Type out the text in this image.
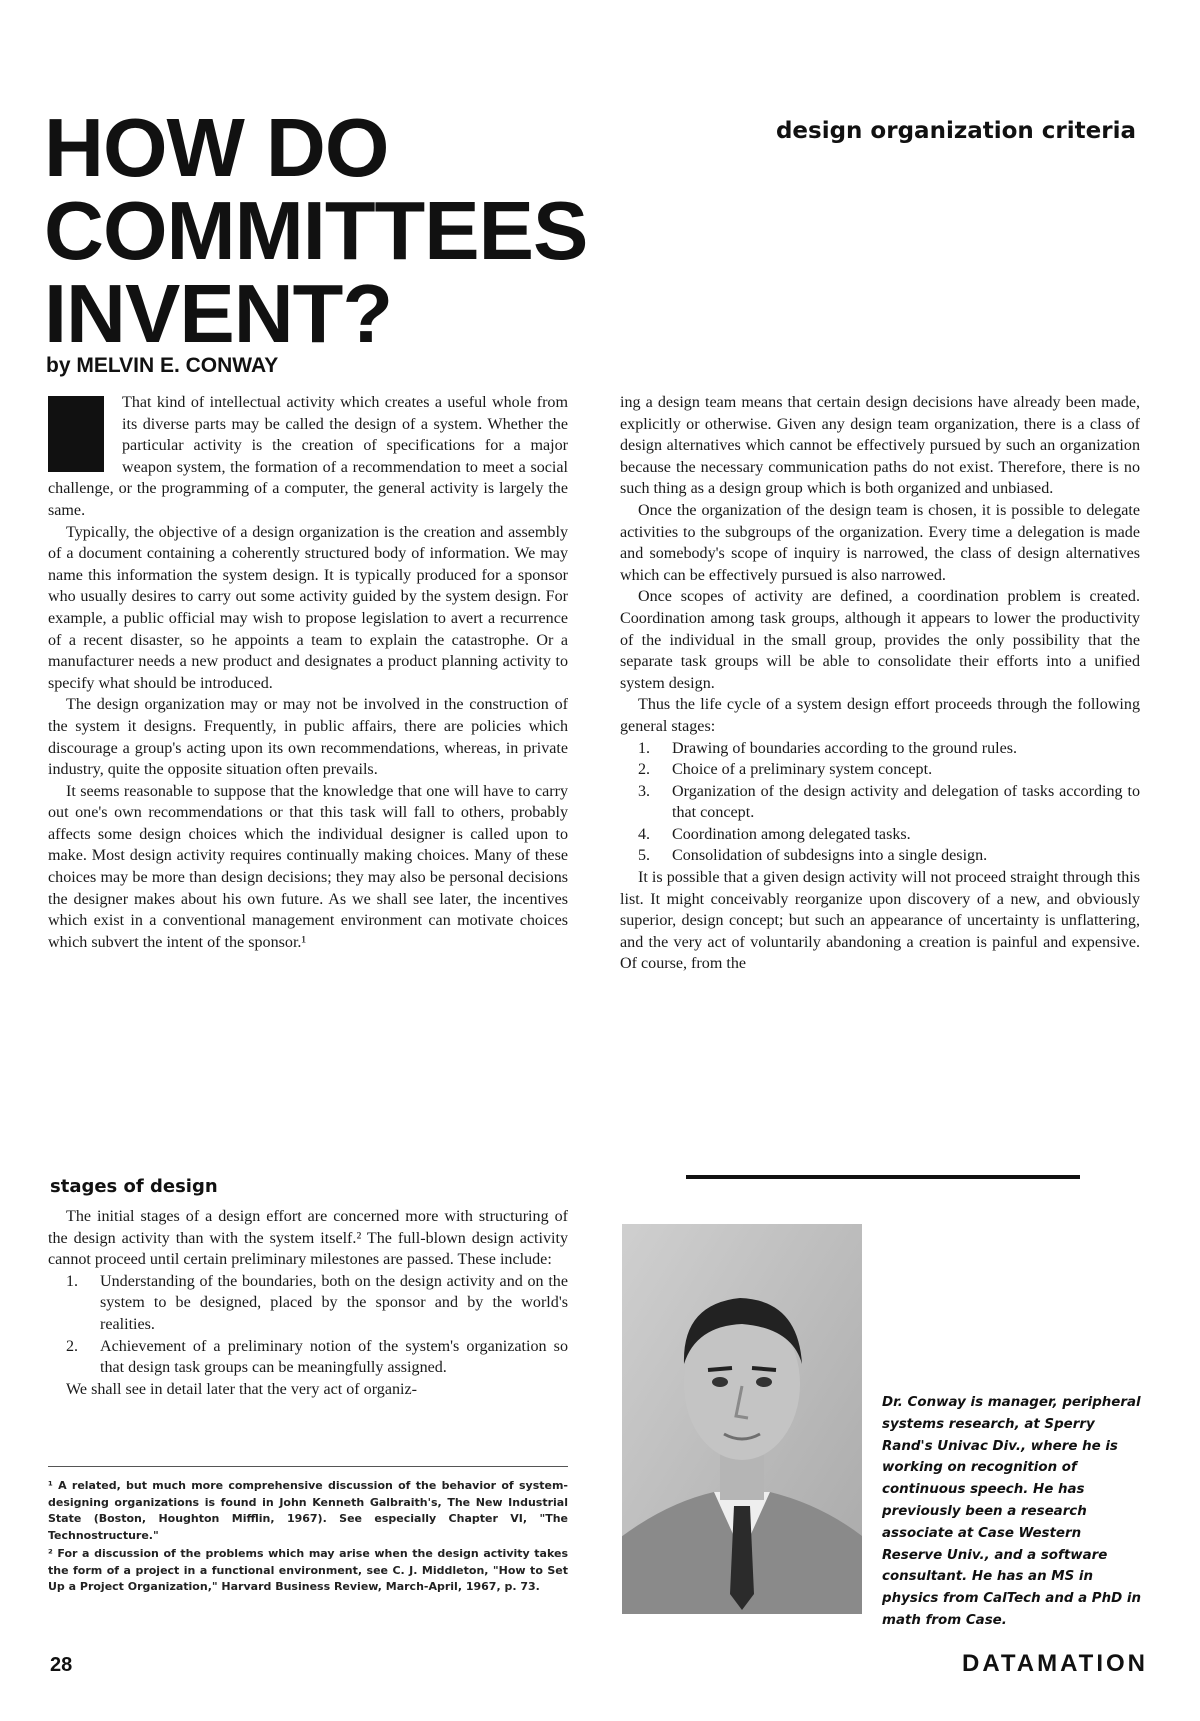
HOW DO
COMMITTEES
INVENT?

design organization criteria

by MELVIN E. CONWAY

That kind of intellectual activity which creates a useful whole from its diverse parts may be called the design of a system. Whether the particular activity is the creation of specifications for a major weapon system, the formation of a recommendation to meet a social challenge, or the programming of a computer, the general activity is largely the same.

Typically, the objective of a design organization is the creation and assembly of a document containing a coherently structured body of information. We may name this information the system design. It is typically produced for a sponsor who usually desires to carry out some activity guided by the system design. For example, a public official may wish to propose legislation to avert a recurrence of a recent disaster, so he appoints a team to explain the catastrophe. Or a manufacturer needs a new product and designates a product planning activity to specify what should be introduced.

The design organization may or may not be involved in the construction of the system it designs. Frequently, in public affairs, there are policies which discourage a group's acting upon its own recommendations, whereas, in private industry, quite the opposite situation often prevails.

It seems reasonable to suppose that the knowledge that one will have to carry out one's own recommendations or that this task will fall to others, probably affects some design choices which the individual designer is called upon to make. Most design activity requires continually making choices. Many of these choices may be more than design decisions; they may also be personal decisions the designer makes about his own future. As we shall see later, the incentives which exist in a conventional management environment can motivate choices which subvert the intent of the sponsor.¹

stages of design

The initial stages of a design effort are concerned more with structuring of the design activity than with the system itself.² The full-blown design activity cannot proceed until certain preliminary milestones are passed. These include:

1.	Understanding of the boundaries, both on the design activity and on the system to be designed, placed by the sponsor and by the world's realities.
2.	Achievement of a preliminary notion of the system's organization so that design task groups can be meaningfully assigned.

We shall see in detail later that the very act of organiz-

ing a design team means that certain design decisions have already been made, explicitly or otherwise. Given any design team organization, there is a class of design alternatives which cannot be effectively pursued by such an organization because the necessary communication paths do not exist. Therefore, there is no such thing as a design group which is both organized and unbiased.

Once the organization of the design team is chosen, it is possible to delegate activities to the subgroups of the organization. Every time a delegation is made and somebody's scope of inquiry is narrowed, the class of design alternatives which can be effectively pursued is also narrowed.

Once scopes of activity are defined, a coordination problem is created. Coordination among task groups, although it appears to lower the productivity of the individual in the small group, provides the only possibility that the separate task groups will be able to consolidate their efforts into a unified system design.

Thus the life cycle of a system design effort proceeds through the following general stages:

1.	Drawing of boundaries according to the ground rules.
2.	Choice of a preliminary system concept.
3.	Organization of the design activity and delegation of tasks according to that concept.
4.	Coordination among delegated tasks.
5.	Consolidation of subdesigns into a single design.

It is possible that a given design activity will not proceed straight through this list. It might conceivably reorganize upon discovery of a new, and obviously superior, design concept; but such an appearance of uncertainty is unflattering, and the very act of voluntarily abandoning a creation is painful and expensive. Of course, from the

¹ A related, but much more comprehensive discussion of the behavior of system-designing organizations is found in John Kenneth Galbraith's, The New Industrial State (Boston, Houghton Mifflin, 1967). See especially Chapter VI, "The Technostructure."

² For a discussion of the problems which may arise when the design activity takes the form of a project in a functional environment, see C. J. Middleton, "How to Set Up a Project Organization," Harvard Business Review, March-April, 1967, p. 73.

Dr. Conway is manager, peripheral systems research, at Sperry Rand's Univac Div., where he is working on recognition of continuous speech. He has previously been a research associate at Case Western Reserve Univ., and a software consultant. He has an MS in physics from CalTech and a PhD in math from Case.

28	DATAMATION
